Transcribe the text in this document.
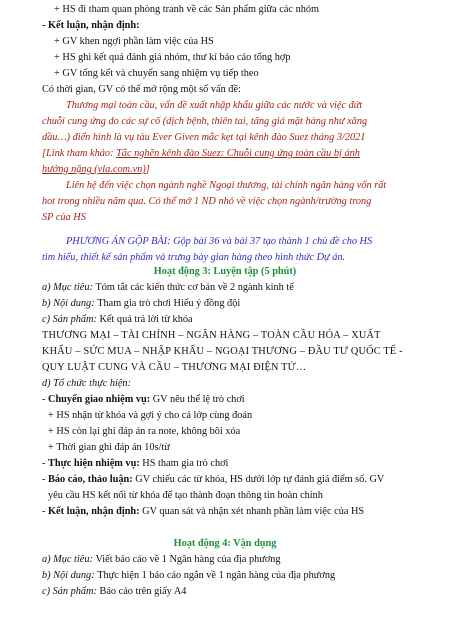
+ HS đi tham quan phòng tranh về các Sản phẩm giữa các nhóm
- Kết luận, nhận định:
+ GV khen ngợi phần làm việc của HS
+ HS ghi kết quả đánh giá nhóm, thư kí báo cáo tổng hợp
+ GV tổng kết và chuyển sang nhiệm vụ tiếp theo
Có thời gian, GV có thể mở rộng một số vấn đề:
Thương mại toàn cầu, vấn đề xuất nhập khẩu giữa các nước và việc đứt
chuỗi cung ứng do các sự cố (dịch bệnh, thiên tai, tăng giá mặt hàng như xăng
dầu…) điển hình là vụ tàu Ever Given mắc kẹt tại kênh đào Suez tháng 3/2021
[Link tham khảo: Tắc nghẽn kênh đào Suez: Chuỗi cung ứng toàn cầu bị ảnh
hưởng nặng (vla.com.vn)]
Liên hệ đến việc chọn ngành nghề Ngoại thương, tài chính ngân hàng vốn rất
hot trong nhiều năm qua. Có thể mở 1 ND nhỏ về việc chọn ngành/trường trong
SP của HS
PHƯƠNG ÁN GỘP BÀI: Gộp bài 36 và bài 37 tạo thành 1 chủ đề cho HS
tìm hiểu, thiết kế sản phẩm và trưng bày gian hàng theo hình thức Dự án.
Hoạt động 3: Luyện tập (5 phút)
a) Mục tiêu: Tóm tắt các kiến thức cơ bản về 2 ngành kinh tế
b) Nội dung: Tham gia trò chơi Hiểu ý đồng đội
c) Sản phẩm: Kết quả trả lời từ khóa
THƯƠNG MẠI – TÀI CHÍNH – NGÂN HÀNG – TOÀN CẦU HÓA – XUẤT
KHẨU – SỨC MUA – NHẬP KHẨU – NGOẠI THƯƠNG – ĐẦU TƯ QUỐC TẾ -
QUY LUẬT CUNG VÀ CẦU – THƯƠNG MẠI ĐIỆN TỬ…
d) Tổ chức thực hiện:
- Chuyển giao nhiệm vụ: GV nêu thể lệ trò chơi
+ HS nhận từ khóa và gợi ý cho cả lớp cùng đoán
+ HS còn lại ghi đáp án ra note, không bôi xóa
+ Thời gian ghi đáp án 10s/từ
- Thực hiện nhiệm vụ: HS tham gia trò chơi
- Báo cáo, thảo luận: GV chiếu các từ khóa, HS dưới lớp tự đánh giá điểm số. GV
yêu cầu HS kết nối từ khóa để tạo thành đoạn thông tin hoàn chỉnh
- Kết luận, nhận định: GV quan sát và nhận xét nhanh phần làm việc của HS
Hoạt động 4: Vận dụng
a) Mục tiêu: Viết báo cáo về 1 Ngân hàng của địa phương
b) Nội dung: Thực hiện 1 báo cáo ngắn về 1 ngân hàng của địa phương
c) Sản phẩm: Báo cáo trên giấy A4
